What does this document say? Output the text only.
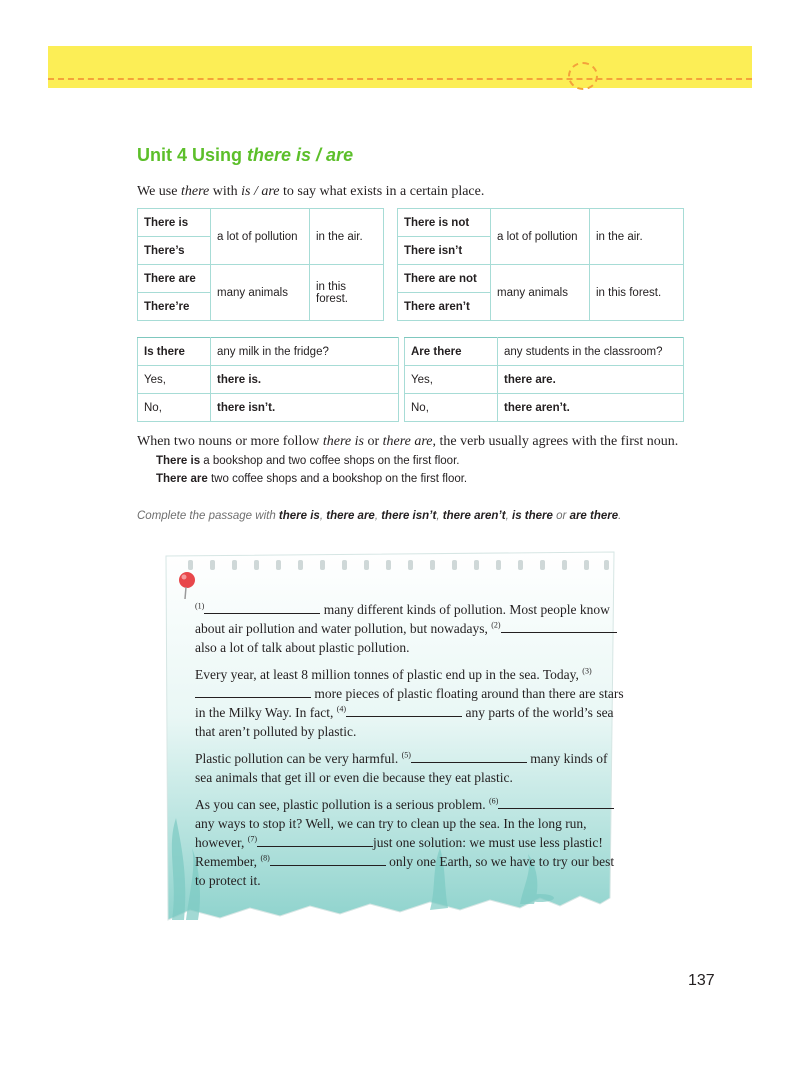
Unit 4 Using there is / are

We use there with is / are to say what exists in a certain place.

There is	a lot of pollution	in the air.
There’s		
There are	many animals	in this forest.
There’re		
There is not	a lot of pollution	in the air.
There isn’t		
There are not	many animals	in this forest.
There aren’t		
Is there	any milk in the fridge?
Yes,	there is.
No,	there isn’t.
Are there	any students in the classroom?
Yes,	there are.
No,	there aren’t.

When two nouns or more follow there is or there are, the verb usually agrees with the first noun.

There is a bookshop and two coffee shops on the first floor.

There are two coffee shops and a bookshop on the first floor.

Complete the passage with there is, there are, there isn’t, there aren’t, is there or are there.

$^{(1)}$	many different kinds of pollution. Most people know about air pollution and water pollution, but nowadays, $^{(2)}$ also a lot of talk about plastic pollution.

Every year, at least 8 million tonnes of plastic end up in the sea. Today, $^{(3)}$ more pieces of plastic floating around than there are stars in the Milky Way. In fact, $^{(4)}$	any parts of the world’s sea that aren’t polluted by plastic.

Plastic pollution can be very harmful. $^{(5)}$	many kinds of sea animals that get ill or even die because they eat plastic.

As you can see, plastic pollution is a serious problem. $^{(6)}$ any ways to stop it? Well, we can try to clean up the sea. In the long run, however, $^{(7)}$	just one solution: we must use less plastic! Remember, $^{(8)}$	only one Earth, so we have to try our best to protect it.

137
